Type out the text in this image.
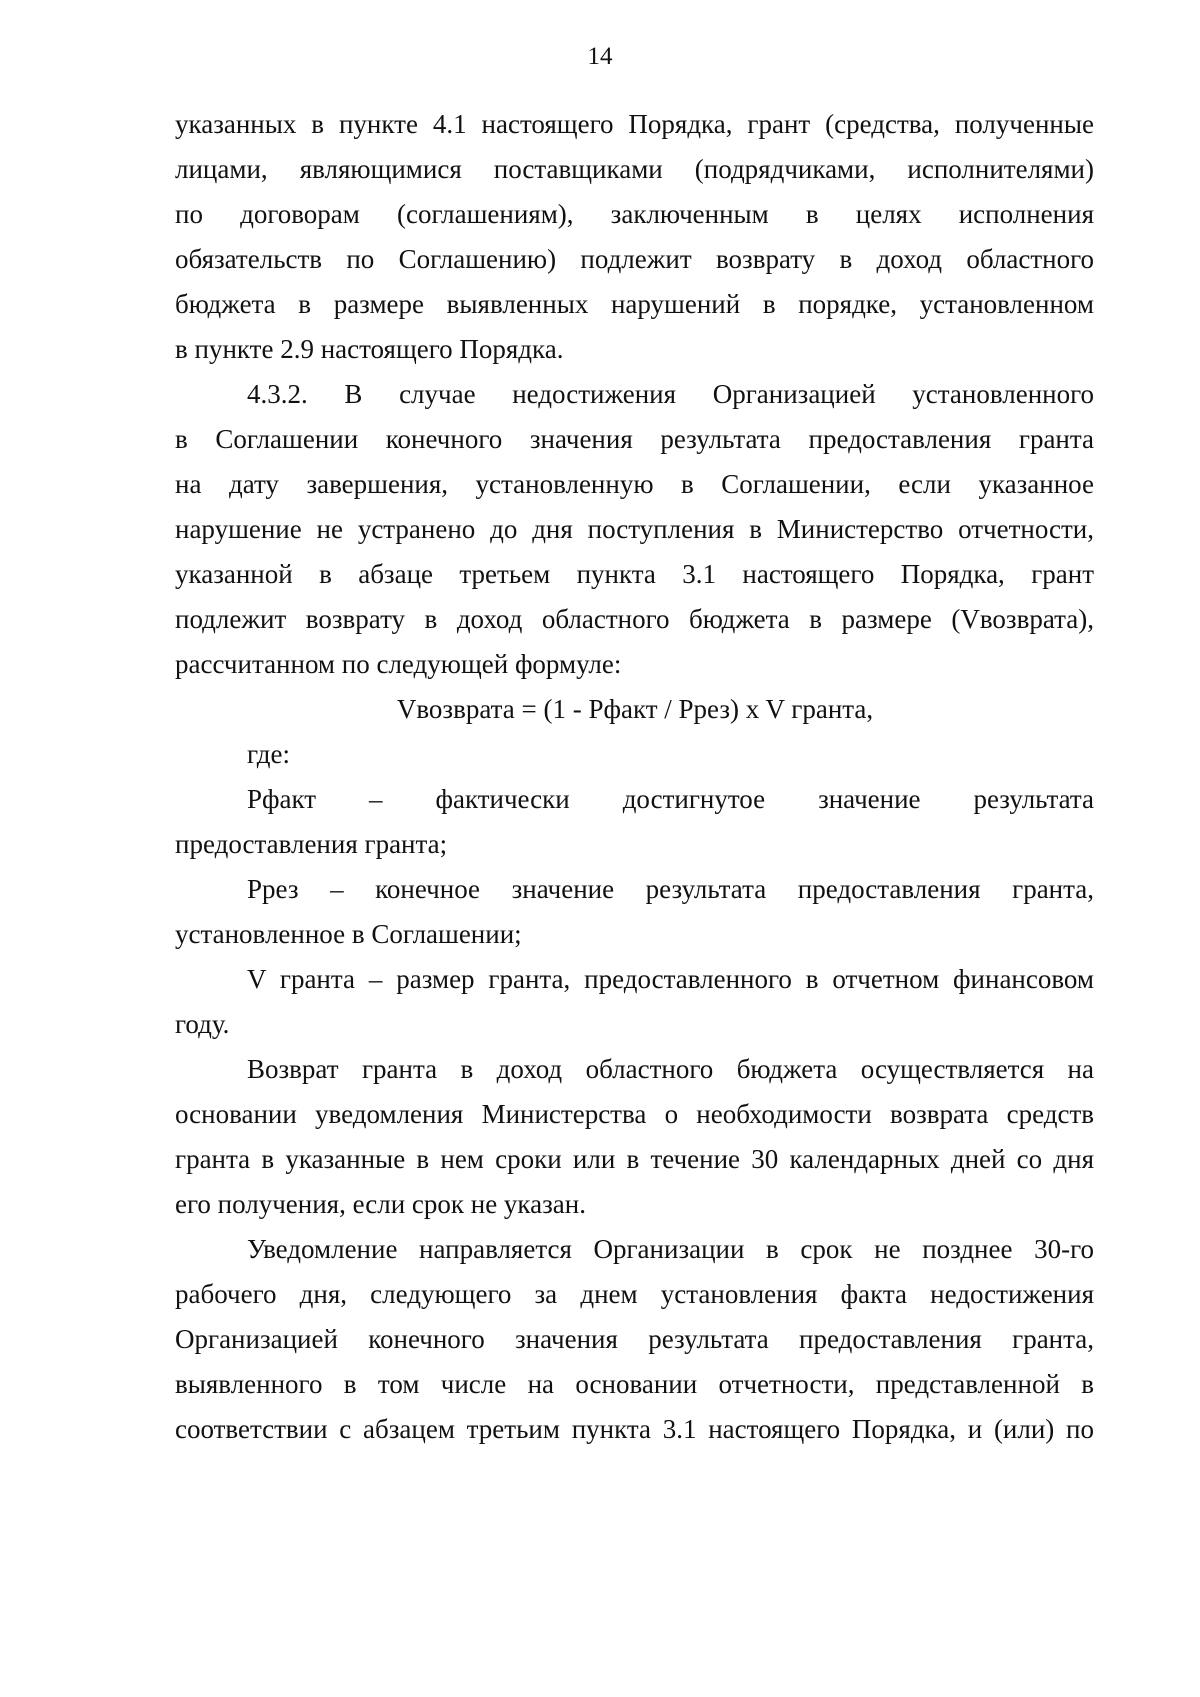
14
указанных в пункте 4.1 настоящего Порядка, грант (средства, полученные
лицами, являющимися поставщиками (подрядчиками, исполнителями)
по договорам (соглашениям), заключенным в целях исполнения
обязательств по Соглашению) подлежит возврату в доход областного
бюджета в размере выявленных нарушений в порядке, установленном
в пункте 2.9 настоящего Порядка.
4.3.2. В случае недостижения Организацией установленного
в Соглашении конечного значения результата предоставления гранта
на дату завершения, установленную в Соглашении, если указанное
нарушение не устранено до дня поступления в Министерство отчетности,
указанной в абзаце третьем пункта 3.1 настоящего Порядка, грант
подлежит возврату в доход областного бюджета в размере (Vвозврата),
рассчитанном по следующей формуле:
Vвозврата = (1 - Рфакт / Ррез) x V гранта,
где:
Рфакт – фактически достигнутое значение результата
предоставления гранта;
Ррез – конечное значение результата предоставления гранта,
установленное в Соглашении;
V гранта – размер гранта, предоставленного в отчетном финансовом
году.
Возврат гранта в доход областного бюджета осуществляется на
основании уведомления Министерства о необходимости возврата средств
гранта в указанные в нем сроки или в течение 30 календарных дней со дня
его получения, если срок не указан.
Уведомление направляется Организации в срок не позднее 30-го
рабочего дня, следующего за днем установления факта недостижения
Организацией конечного значения результата предоставления гранта,
выявленного в том числе на основании отчетности, представленной в
соответствии с абзацем третьим пункта 3.1 настоящего Порядка, и (или) по
